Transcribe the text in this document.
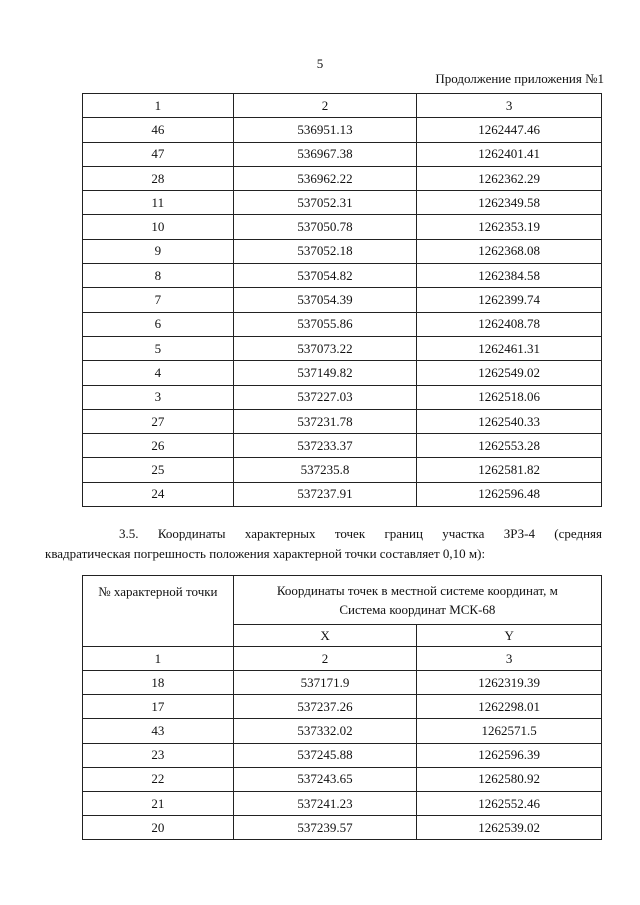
5
Продолжение приложения №1
1	2	3
46	536951.13	1262447.46
47	536967.38	1262401.41
28	536962.22	1262362.29
11	537052.31	1262349.58
10	537050.78	1262353.19
9	537052.18	1262368.08
8	537054.82	1262384.58
7	537054.39	1262399.74
6	537055.86	1262408.78
5	537073.22	1262461.31
4	537149.82	1262549.02
3	537227.03	1262518.06
27	537231.78	1262540.33
26	537233.37	1262553.28
25	537235.8	1262581.82
24	537237.91	1262596.48
3.5. Координаты характерных точек границ участка ЗРЗ-4 (средняя
квадратическая погрешность положения характерной точки составляет 0,10 м):
№ характерной точки	Координаты точек в местной системе координат, м
Система координат МСК-68	
	X	Y
1	2	3
18	537171.9	1262319.39
17	537237.26	1262298.01
43	537332.02	1262571.5
23	537245.88	1262596.39
22	537243.65	1262580.92
21	537241.23	1262552.46
20	537239.57	1262539.02
